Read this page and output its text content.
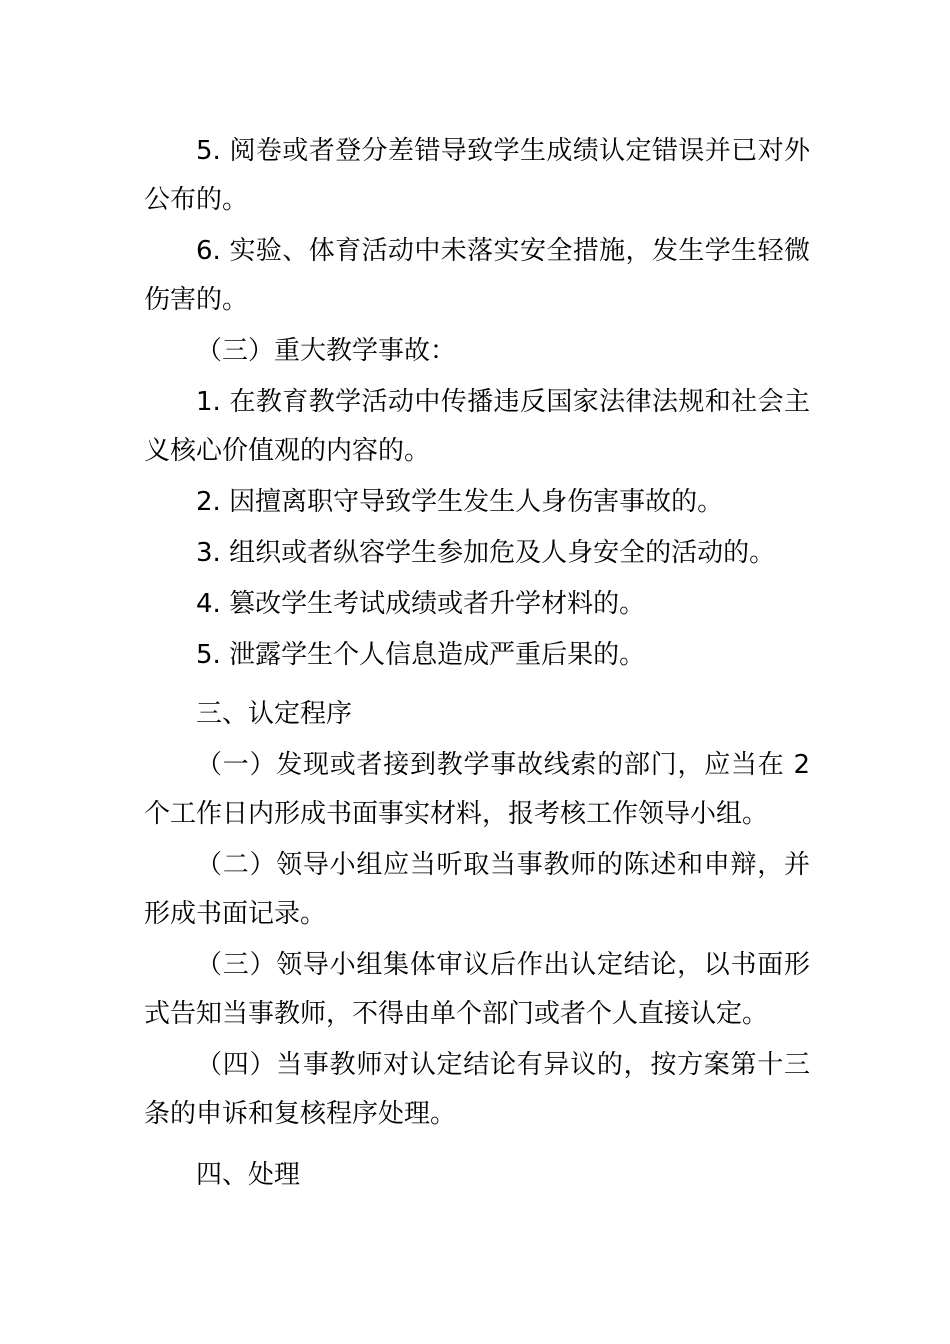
5. 阅卷或者登分差错导致学生成绩认定错误并已对外公布的。

6. 实验、体育活动中未落实安全措施，发生学生轻微伤害的。

（三）重大教学事故：

1. 在教育教学活动中传播违反国家法律法规和社会主义核心价值观的内容的。

2. 因擅离职守导致学生发生人身伤害事故的。

3. 组织或者纵容学生参加危及人身安全的活动的。

4. 篡改学生考试成绩或者升学材料的。

5. 泄露学生个人信息造成严重后果的。

三、认定程序

（一）发现或者接到教学事故线索的部门，应当在 2 个工作日内形成书面事实材料，报考核工作领导小组。

（二）领导小组应当听取当事教师的陈述和申辩，并形成书面记录。

（三）领导小组集体审议后作出认定结论，以书面形式告知当事教师，不得由单个部门或者个人直接认定。

（四）当事教师对认定结论有异议的，按方案第十三条的申诉和复核程序处理。

四、处理
